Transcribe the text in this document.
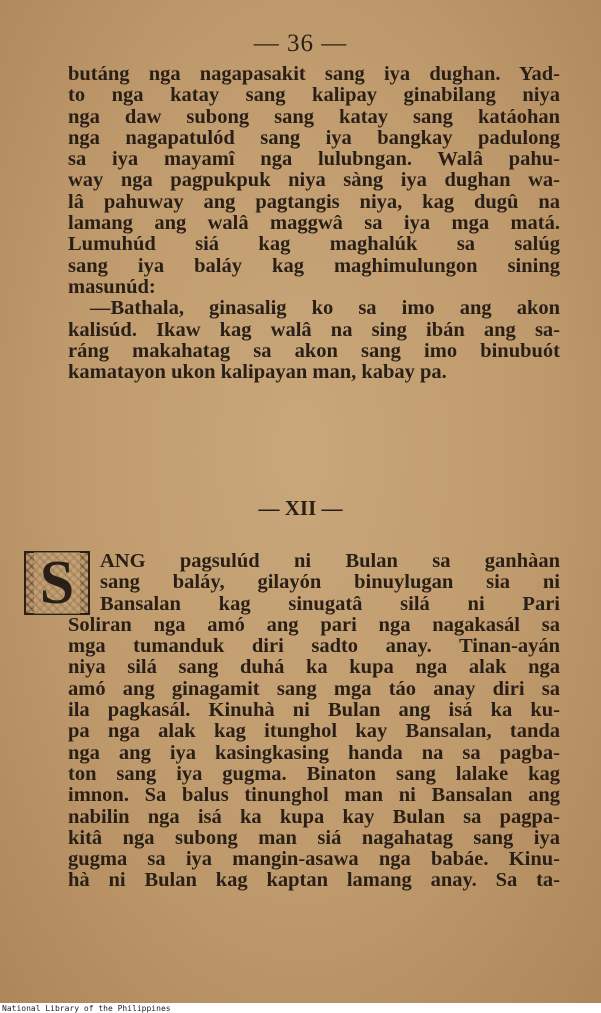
— 36 —
butáng nga nagapasakit sang iya dughan. Yad-
to nga katay sang kalipay ginabilang niya
nga daw subong sang katay sang katáohan
nga nagapatulód sang iya bangkay padulong
sa iya mayamî nga lulubngan. Walâ pahu-
way nga pagpukpuk niya sàng iya dughan wa-
lâ pahuway ang pagtangis niya, kag dugû na
lamang ang walâ maggwâ sa iya mga matá.
Lumuhúd siá kag maghalúk sa salúg
sang iya baláy kag maghimulungon sining
masunúd:
—Bathala, ginasalig ko sa imo ang akon
kalisúd. Ikaw kag walâ na sing ibán ang sa-
ráng makahatag sa akon sang imo binubuót
kamatayon ukon kalipayan man, kabay pa.
— XII —
S ANG pagsulúd ni Bulan sa ganhàan
sang baláy, gilayón binuylugan sia ni
Bansalan kag sinugatâ silá ni Pari
Soliran nga amó ang pari nga nagakasál sa
mga tumanduk diri sadto anay. Tinan-ayán
niya silá sang duhá ka kupa nga alak nga
amó ang ginagamit sang mga táo anay diri sa
ila pagkasál. Kinuhà ni Bulan ang isá ka ku-
pa nga alak kag itunghol kay Bansalan, tanda
nga ang iya kasingkasing handa na sa pagba-
ton sang iya gugma. Binaton sang lalake kag
imnon. Sa balus tinunghol man ni Bansalan ang
nabilin nga isá ka kupa kay Bulan sa pagpa-
kitâ nga subong man siá nagahatag sang iya
gugma sa iya mangin-asawa nga babáe. Kinu-
hà ni Bulan kag kaptan lamang anay. Sa ta-
National Library of the Philippines
